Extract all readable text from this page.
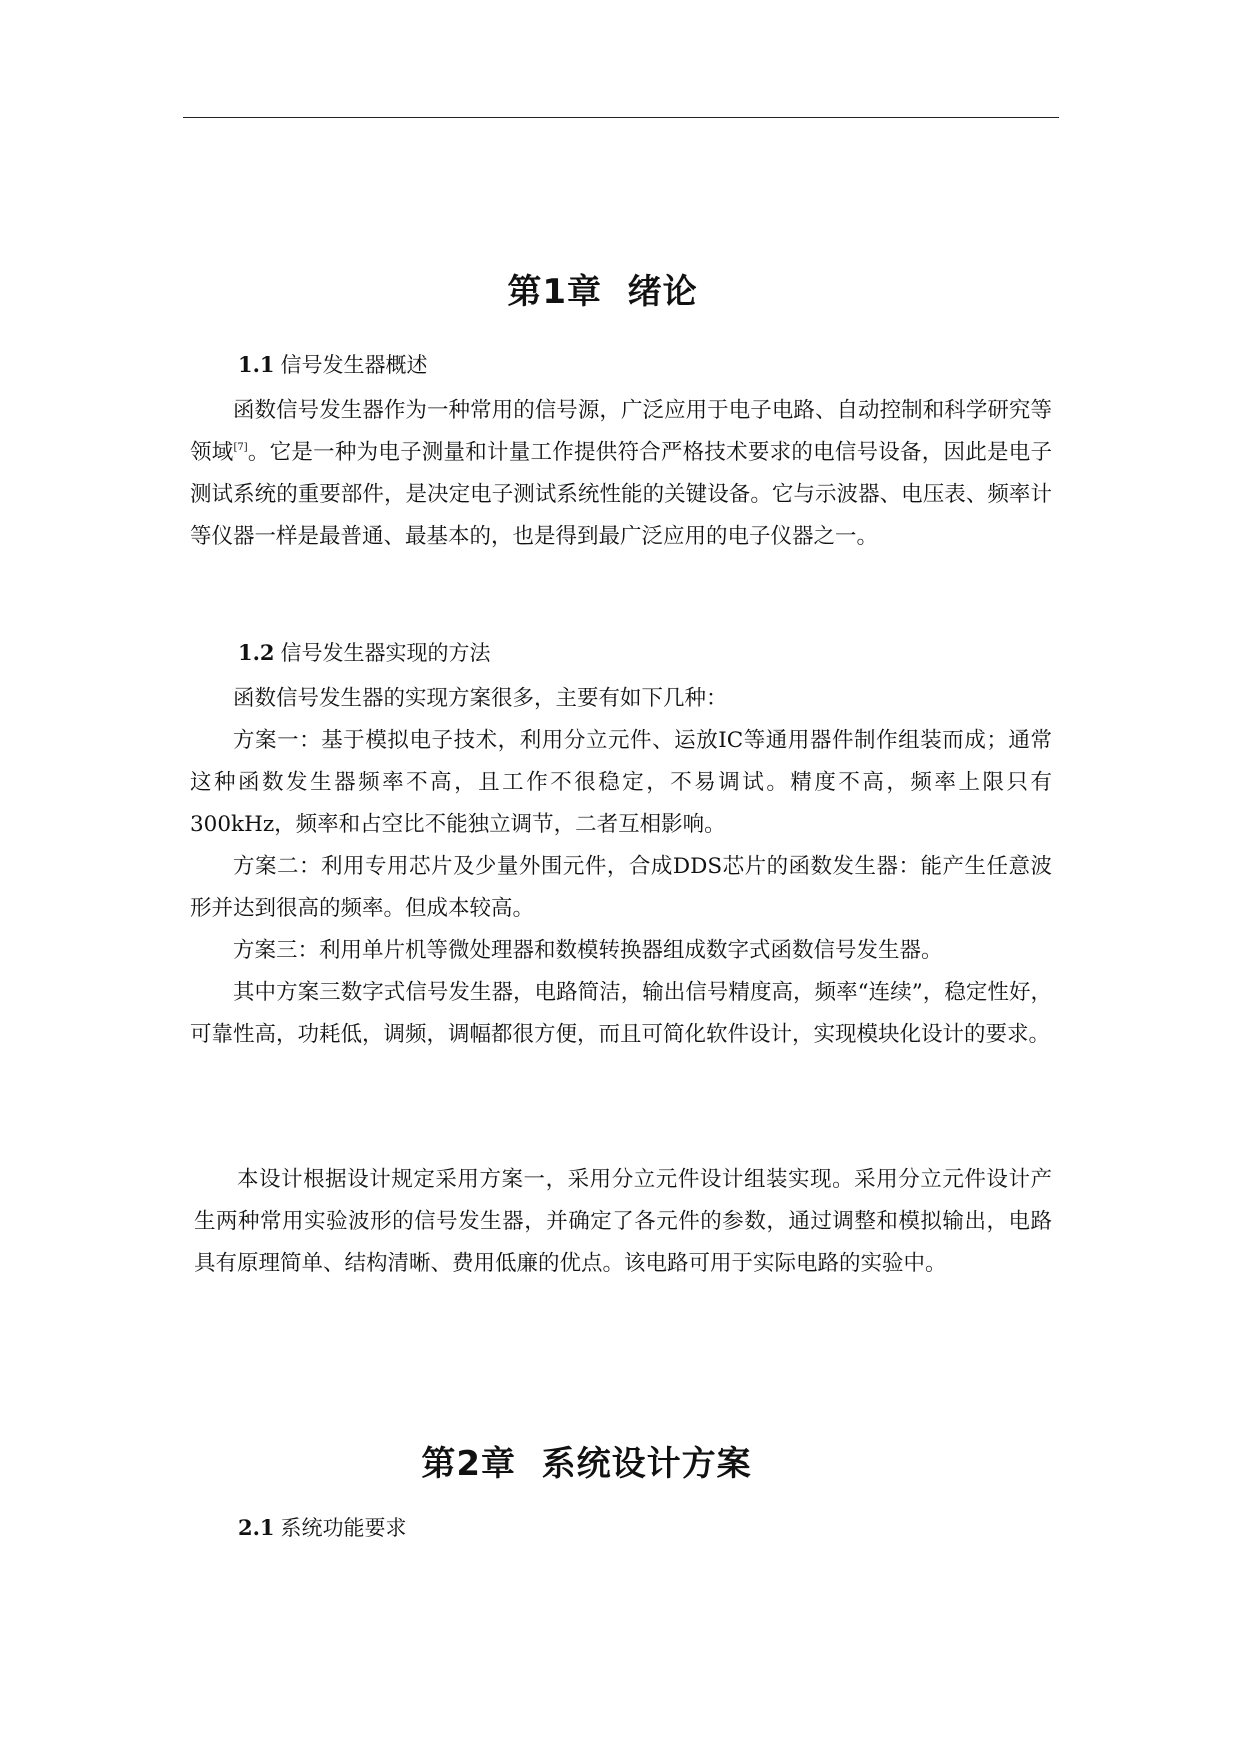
第1章  绪论
1.1 信号发生器概述

函数信号发生器作为一种常用的信号源，广泛应用于电子电路、自动控制和科学研究等领域[7]。它是一种为电子测量和计量工作提供符合严格技术要求的电信号设备，因此是电子测试系统的重要部件，是决定电子测试系统性能的关键设备。它与示波器、电压表、频率计等仪器一样是最普通、最基本的，也是得到最广泛应用的电子仪器之一。

1.2 信号发生器实现的方法

函数信号发生器的实现方案很多，主要有如下几种：

方案一：基于模拟电子技术，利用分立元件、运放IC等通用器件制作组装而成；通常这种函数发生器频率不高，且工作不很稳定，不易调试。精度不高，频率上限只有300kHz，频率和占空比不能独立调节，二者互相影响。

方案二：利用专用芯片及少量外围元件，合成DDS芯片的函数发生器：能产生任意波形并达到很高的频率。但成本较高。

方案三：利用单片机等微处理器和数模转换器组成数字式函数信号发生器。

其中方案三数字式信号发生器，电路简洁，输出信号精度高，频率“连续”，稳定性好，可靠性高，功耗低，调频，调幅都很方便，而且可简化软件设计，实现模块化设计的要求。

本设计根据设计规定采用方案一，采用分立元件设计组装实现。采用分立元件设计产生两种常用实验波形的信号发生器，并确定了各元件的参数，通过调整和模拟输出，电路具有原理简单、结构清晰、费用低廉的优点。该电路可用于实际电路的实验中。

第2章  系统设计方案
2.1 系统功能要求
